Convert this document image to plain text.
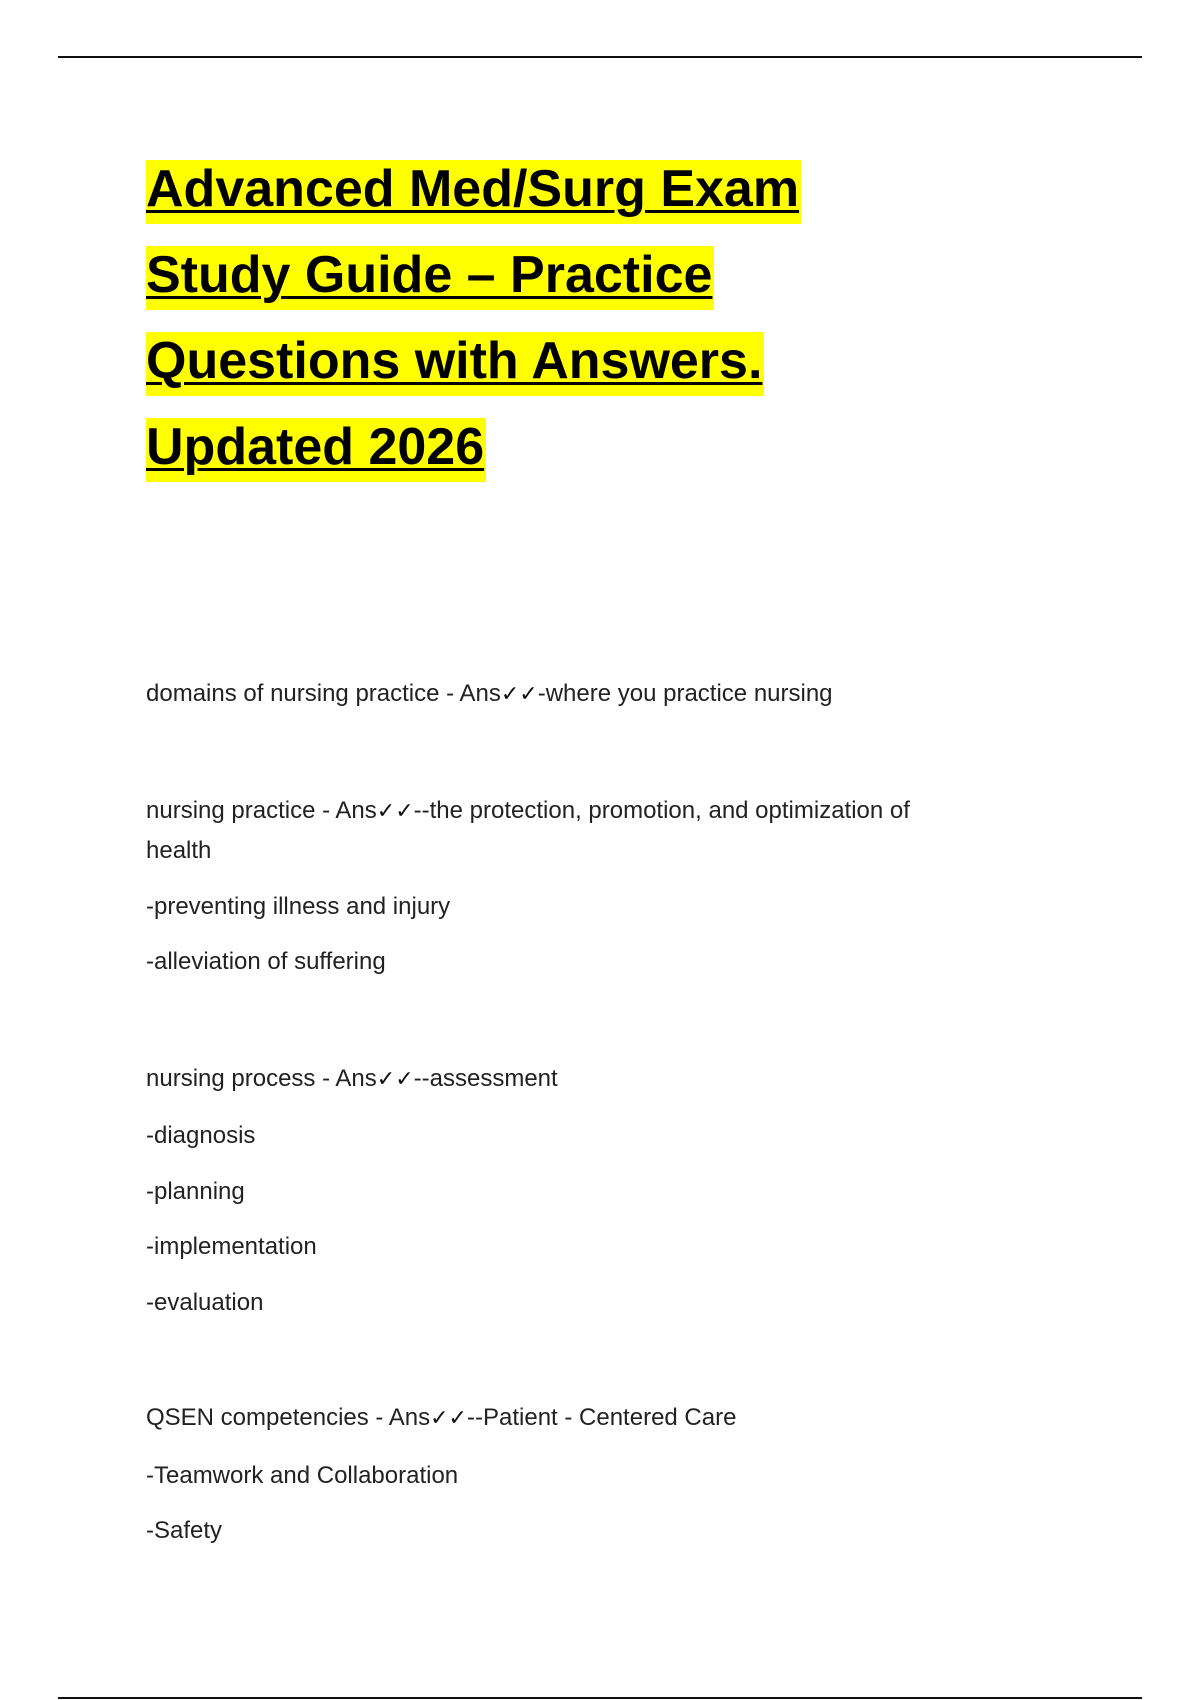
Advanced Med/Surg Exam
Study Guide – Practice
Questions with Answers.
Updated 2026
domains of nursing practice - Ans✓✓-where you practice nursing
nursing practice - Ans✓✓--the protection, promotion, and optimization of
health
-preventing illness and injury
-alleviation of suffering
nursing process - Ans✓✓--assessment
-diagnosis
-planning
-implementation
-evaluation
QSEN competencies - Ans✓✓--Patient - Centered Care
-Teamwork and Collaboration
-Safety
